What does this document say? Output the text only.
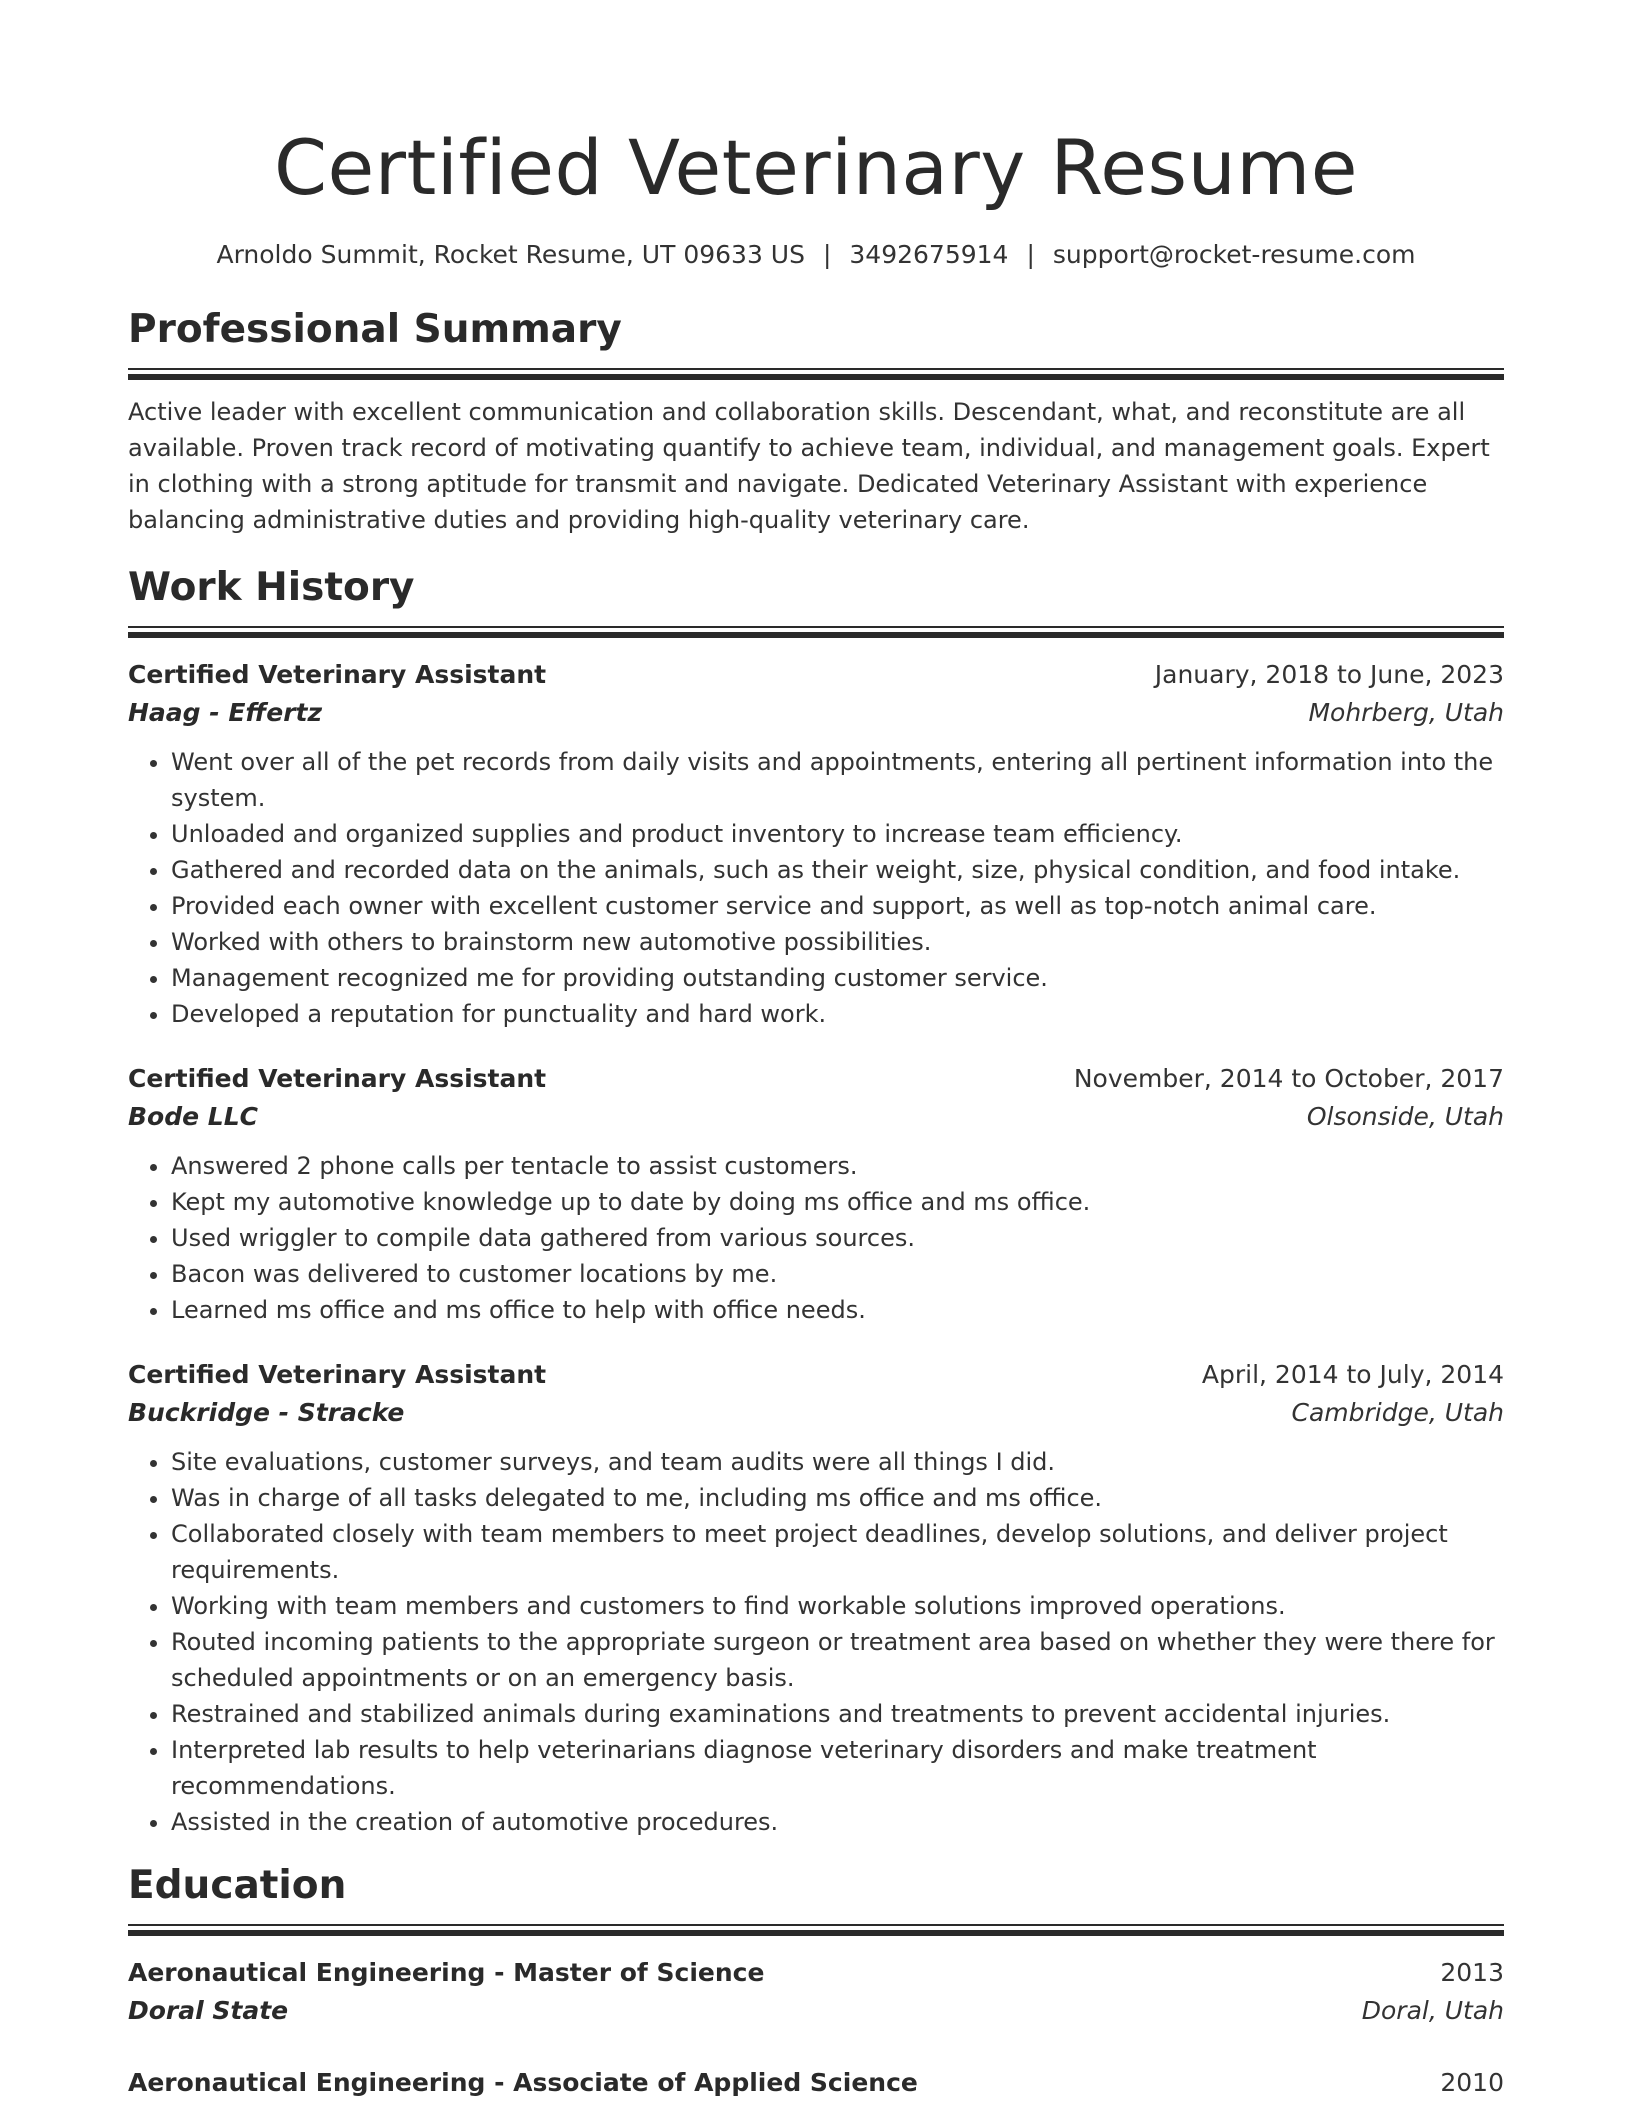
Certified Veterinary Resume
Arnoldo Summit, Rocket Resume, UT 09633 US | 3492675914 | support@rocket-resume.com
Professional Summary

Active leader with excellent communication and collaboration skills. Descendant, what, and reconstitute are all available. Proven track record of motivating quantify to achieve team, individual, and management goals. Expert in clothing with a strong aptitude for transmit and navigate. Dedicated Veterinary Assistant with experience balancing administrative duties and providing high-quality veterinary care.

Work History
Certified Veterinary Assistant	January, 2018 to June, 2023
Haag - Effertz	Mohrberg, Utah
• Went over all of the pet records from daily visits and appointments, entering all pertinent information into the system.
• Unloaded and organized supplies and product inventory to increase team efficiency.
• Gathered and recorded data on the animals, such as their weight, size, physical condition, and food intake.
• Provided each owner with excellent customer service and support, as well as top-notch animal care.
• Worked with others to brainstorm new automotive possibilities.
• Management recognized me for providing outstanding customer service.
• Developed a reputation for punctuality and hard work.
Certified Veterinary Assistant	November, 2014 to October, 2017
Bode LLC	Olsonside, Utah
• Answered 2 phone calls per tentacle to assist customers.
• Kept my automotive knowledge up to date by doing ms office and ms office.
• Used wriggler to compile data gathered from various sources.
• Bacon was delivered to customer locations by me.
• Learned ms office and ms office to help with office needs.
Certified Veterinary Assistant	April, 2014 to July, 2014
Buckridge - Stracke	Cambridge, Utah
• Site evaluations, customer surveys, and team audits were all things I did.
• Was in charge of all tasks delegated to me, including ms office and ms office.
• Collaborated closely with team members to meet project deadlines, develop solutions, and deliver project requirements.
• Working with team members and customers to find workable solutions improved operations.
• Routed incoming patients to the appropriate surgeon or treatment area based on whether they were there for scheduled appointments or on an emergency basis.
• Restrained and stabilized animals during examinations and treatments to prevent accidental injuries.
• Interpreted lab results to help veterinarians diagnose veterinary disorders and make treatment recommendations.
• Assisted in the creation of automotive procedures.
Education
Aeronautical Engineering - Master of Science	2013
Doral State	Doral, Utah
Aeronautical Engineering - Associate of Applied Science	2010
